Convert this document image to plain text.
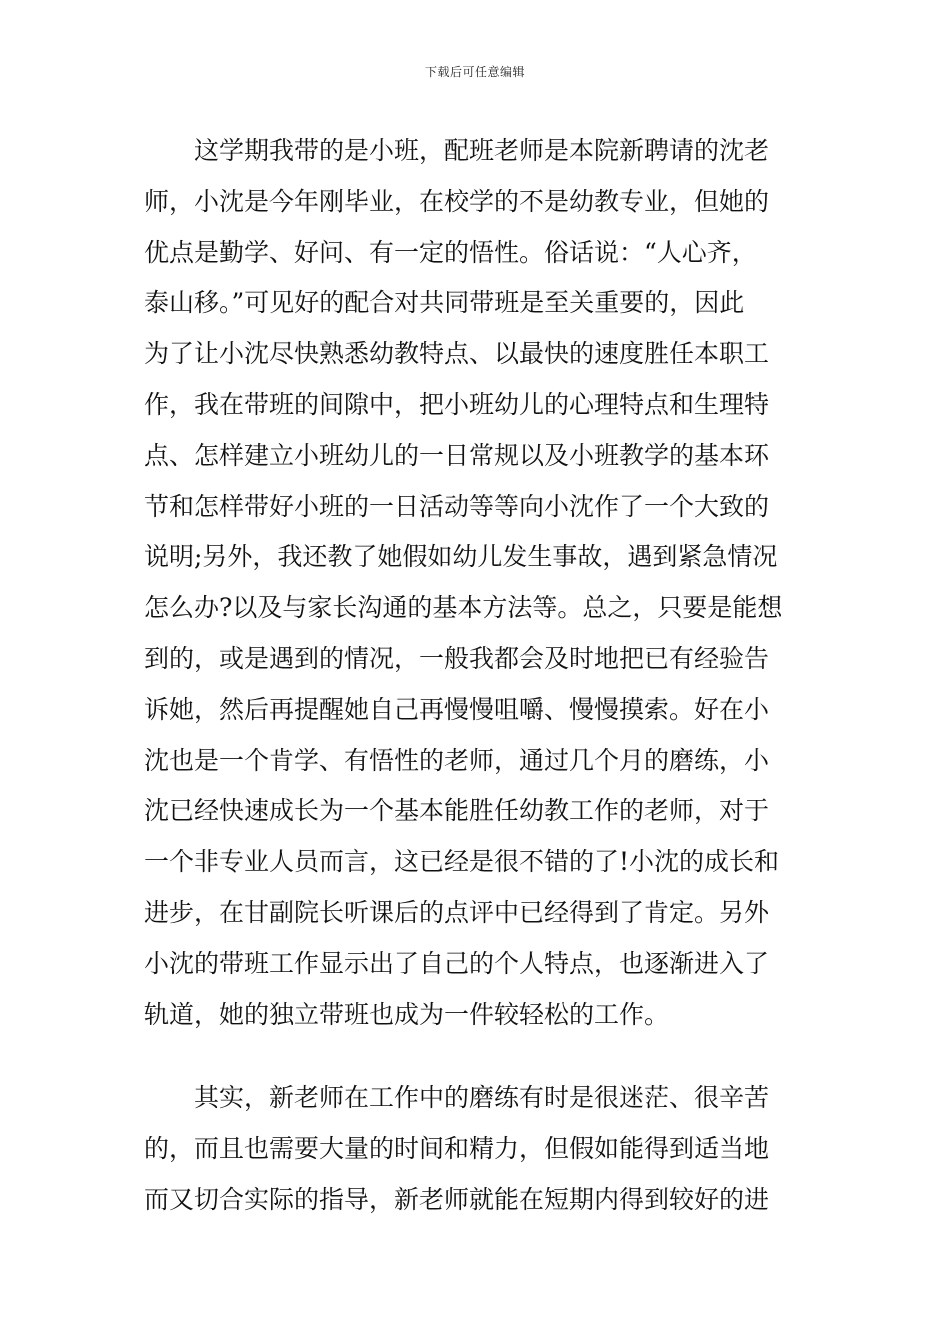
下载后可任意编辑
　　这学期我带的是小班，配班老师是本院新聘请的沈老
师，小沈是今年刚毕业，在校学的不是幼教专业，但她的
优点是勤学、好问、有一定的悟性。俗话说：“人心齐，
泰山移。”可见好的配合对共同带班是至关重要的，因此
为了让小沈尽快熟悉幼教特点、以最快的速度胜任本职工
作，我在带班的间隙中，把小班幼儿的心理特点和生理特
点、怎样建立小班幼儿的一日常规以及小班教学的基本环
节和怎样带好小班的一日活动等等向小沈作了一个大致的
说明;另外，我还教了她假如幼儿发生事故，遇到紧急情况
怎么办?以及与家长沟通的基本方法等。总之，只要是能想
到的，或是遇到的情况，一般我都会及时地把已有经验告
诉她，然后再提醒她自己再慢慢咀嚼、慢慢摸索。好在小
沈也是一个肯学、有悟性的老师，通过几个月的磨练，小
沈已经快速成长为一个基本能胜任幼教工作的老师，对于
一个非专业人员而言，这已经是很不错的了!小沈的成长和
进步，在甘副院长听课后的点评中已经得到了肯定。另外
小沈的带班工作显示出了自己的个人特点，也逐渐进入了
轨道，她的独立带班也成为一件较轻松的工作。
　　其实，新老师在工作中的磨练有时是很迷茫、很辛苦
的，而且也需要大量的时间和精力，但假如能得到适当地
而又切合实际的指导，新老师就能在短期内得到较好的进
